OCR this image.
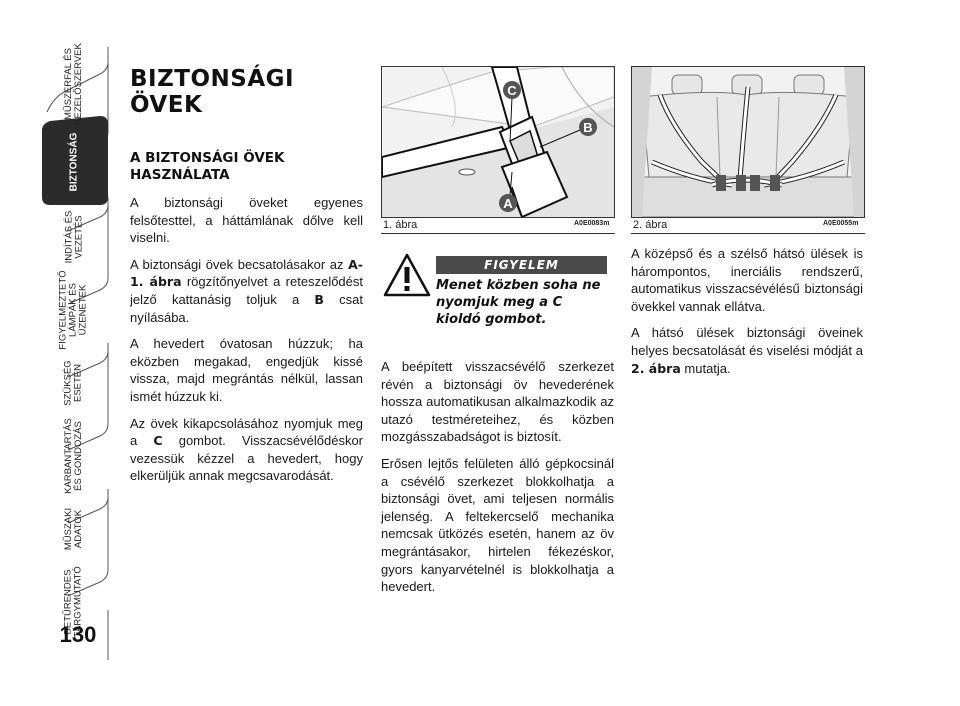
MŰSZERFAL ÉS
KEZELŐSZERVEK
BIZTONSÁG
INDÍTÁS ÉS
VEZETÉS
FIGYELMEZTETŐ
LÁMPÁK ÉS
ÜZENETEK
SZÜKSÉG
ESETÉN
KARBANTARTÁS
ÉS GONDOZÁS
MŰSZAKI
ADATOK
BETŰRENDES
TÁRGYMUTATÓ
130
BIZTONSÁGI ÖVEK
A BIZTONSÁGI ÖVEK HASZNÁLATA

A biztonsági öveket egyenes felsőtesttel, a háttámlának dőlve kell viselni.

A biztonsági övek becsatolásakor az A-1. ábra rögzítőnyelvet a reteszelődést jelző kattanásig toljuk a B csat nyílásába.

A hevedert óvatosan húzzuk; ha eközben megakad, engedjük kissé vissza, majd megrántás nélkül, lassan ismét húzzuk ki.

Az övek kikapcsolásához nyomjuk meg a C gombot. Visszacsévélődéskor vezessük kézzel a hevedert, hogy elkerüljük annak megcsavarodását.

C
B
A
1. ábra	A0E0083m 2. ábra	A0E0055m
FIGYELEM
Menet közben soha ne nyomjuk meg a C kioldó gombot.

A beépített visszacsévélő szerkezet révén a biztonsági öv hevederének hossza automatikusan alkalmazkodik az utazó testméreteihez, és közben mozgásszabadságot is biztosít.

Erősen lejtős felületen álló gépkocsinál a csévélő szerkezet blokkolhatja a biztonsági övet, ami teljesen normális jelenség. A feltekercselő mechanika nemcsak ütközés esetén, hanem az öv megrántásakor, hirtelen fékezéskor, gyors kanyarvételnél is blokkolhatja a hevedert.

A középső és a szélső hátsó ülések is hárompontos, inerciális rendszerű, automatikus visszacsévélésű biztonsági övekkel vannak ellátva.

A hátsó ülések biztonsági öveinek helyes becsatolását és viselési módját a 2. ábra mutatja.
